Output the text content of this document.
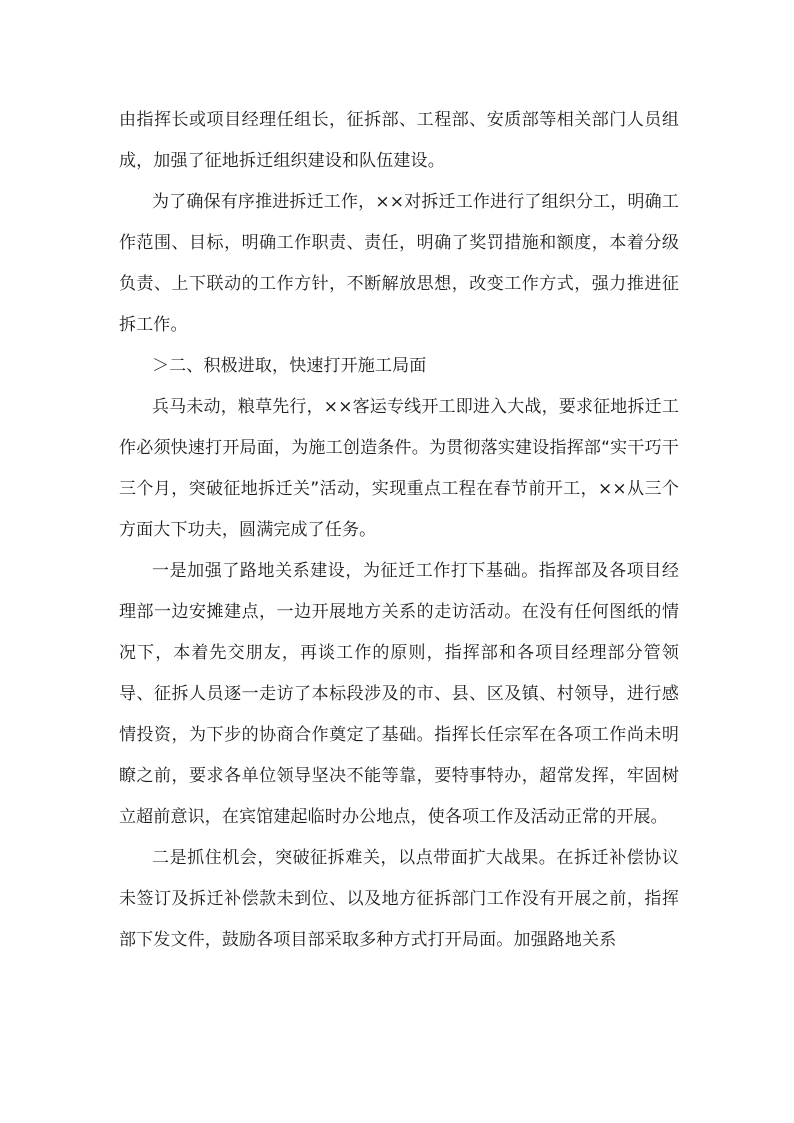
由指挥长或项目经理任组长，征拆部、工程部、安质部等相关部门人员组成，加强了征地拆迁组织建设和队伍建设。

为了确保有序推进拆迁工作，××对拆迁工作进行了组织分工，明确工作范围、目标，明确工作职责、责任，明确了奖罚措施和额度，本着分级负责、上下联动的工作方针，不断解放思想，改变工作方式，强力推进征拆工作。

＞二、积极进取，快速打开施工局面

兵马未动，粮草先行，××客运专线开工即进入大战，要求征地拆迁工作必须快速打开局面，为施工创造条件。为贯彻落实建设指挥部“实干巧干三个月，突破征地拆迁关”活动，实现重点工程在春节前开工，××从三个方面大下功夫，圆满完成了任务。

一是加强了路地关系建设，为征迁工作打下基础。指挥部及各项目经理部一边安摊建点，一边开展地方关系的走访活动。在没有任何图纸的情况下，本着先交朋友，再谈工作的原则，指挥部和各项目经理部分管领导、征拆人员逐一走访了本标段涉及的市、县、区及镇、村领导，进行感情投资，为下步的协商合作奠定了基础。指挥长任宗军在各项工作尚未明瞭之前，要求各单位领导坚决不能等靠，要特事特办，超常发挥，牢固树立超前意识，在宾馆建起临时办公地点，使各项工作及活动正常的开展。

二是抓住机会，突破征拆难关，以点带面扩大战果。在拆迁补偿协议未签订及拆迁补偿款未到位、以及地方征拆部门工作没有开展之前，指挥部下发文件，鼓励各项目部采取多种方式打开局面。加强路地关系
